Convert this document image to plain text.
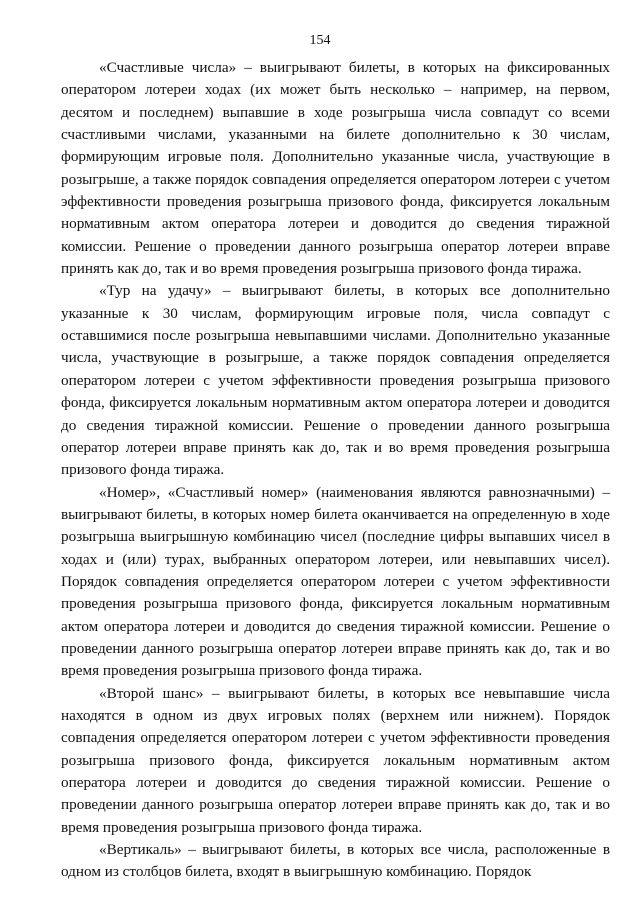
154

«Счастливые числа» – выигрывают билеты, в которых на фиксированных оператором лотереи ходах (их может быть несколько – например, на первом, десятом и последнем) выпавшие в ходе розыгрыша числа совпадут со всеми счастливыми числами, указанными на билете дополнительно к 30 числам, формирующим игровые поля. Дополнительно указанные числа, участвующие в розыгрыше, а также порядок совпадения определяется оператором лотереи с учетом эффективности проведения розыгрыша призового фонда, фиксируется локальным нормативным актом оператора лотереи и доводится до сведения тиражной комиссии. Решение о проведении данного розыгрыша оператор лотереи вправе принять как до, так и во время проведения розыгрыша призового фонда тиража.

«Тур на удачу» – выигрывают билеты, в которых все дополнительно указанные к 30 числам, формирующим игровые поля, числа совпадут с оставшимися после розыгрыша невыпавшими числами. Дополнительно указанные числа, участвующие в розыгрыше, а также порядок совпадения определяется оператором лотереи с учетом эффективности проведения розыгрыша призового фонда, фиксируется локальным нормативным актом оператора лотереи и доводится до сведения тиражной комиссии. Решение о проведении данного розыгрыша оператор лотереи вправе принять как до, так и во время проведения розыгрыша призового фонда тиража.

«Номер», «Счастливый номер» (наименования являются равнозначными) – выигрывают билеты, в которых номер билета оканчивается на определенную в ходе розыгрыша выигрышную комбинацию чисел (последние цифры выпавших чисел в ходах и (или) турах, выбранных оператором лотереи, или невыпавших чисел). Порядок совпадения определяется оператором лотереи с учетом эффективности проведения розыгрыша призового фонда, фиксируется локальным нормативным актом оператора лотереи и доводится до сведения тиражной комиссии. Решение о проведении данного розыгрыша оператор лотереи вправе принять как до, так и во время проведения розыгрыша призового фонда тиража.

«Второй шанс» – выигрывают билеты, в которых все невыпавшие числа находятся в одном из двух игровых полях (верхнем или нижнем). Порядок совпадения определяется оператором лотереи с учетом эффективности проведения розыгрыша призового фонда, фиксируется локальным нормативным актом оператора лотереи и доводится до сведения тиражной комиссии. Решение о проведении данного розыгрыша оператор лотереи вправе принять как до, так и во время проведения розыгрыша призового фонда тиража.

«Вертикаль» – выигрывают билеты, в которых все числа, расположенные в одном из столбцов билета, входят в выигрышную комбинацию. Порядок
